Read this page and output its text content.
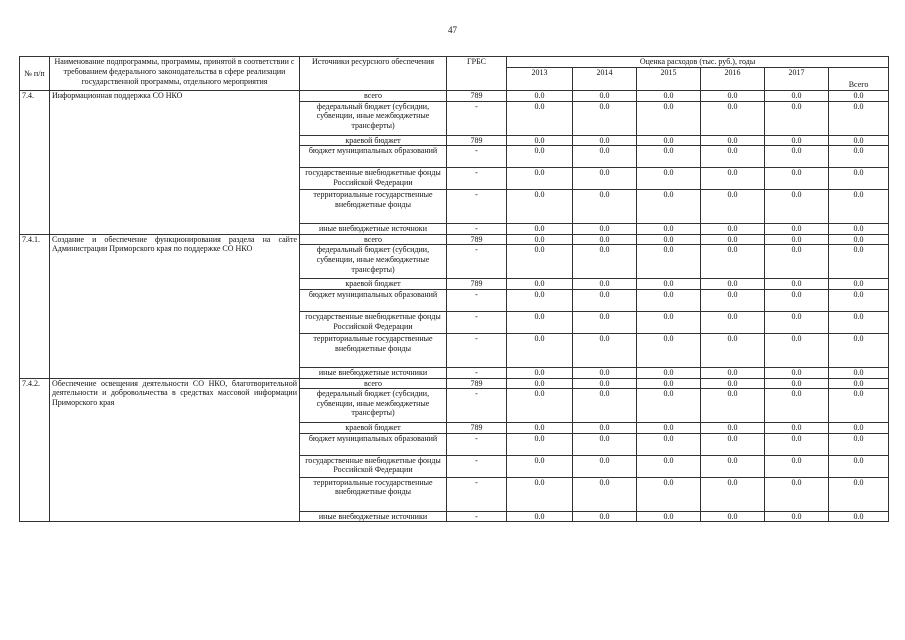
47
№ п/п	Наименование подпрограммы, программы, принятой в соответствии с требованием федерального законодательства в сфере реализации государственной программы, отдельного мероприятия	Источники ресурсного обеспечения	ГРБС	Оценка расходов (тыс. руб.), годы					
				2013	2014	2015	2016	2017	Всего
7.4.	Информационная поддержка СО НКО	всего	789	0.0	0.0	0.0	0.0	0.0	0.0
		федеральный бюджет (субсидии, субвенции, иные межбюджетные трансферты)	-	0.0	0.0	0.0	0.0	0.0	0.0
		краевой бюджет	789	0.0	0.0	0.0	0.0	0.0	0.0
		бюджет муниципальных образований	-	0.0	0.0	0.0	0.0	0.0	0.0
		государственные внебюджетные фонды Российской Федерации	-	0.0	0.0	0.0	0.0	0.0	0.0
		территориальные государственные внебюджетные фонды	-	0.0	0.0	0.0	0.0	0.0	0.0
		иные внебюджетные источноки	-	0.0	0.0	0.0	0.0	0.0	0.0
7.4.1.	Создание и обеспечение функционирования раздела на сайте Администрации Приморского края по поддержке СО НКО	всего	789	0.0	0.0	0.0	0.0	0.0	0.0
		федеральный бюджет (субсидии, субвенции, иные межбюджетные трансферты)	-	0.0	0.0	0.0	0.0	0.0	0.0
		краевой бюджет	789	0.0	0.0	0.0	0.0	0.0	0.0
		бюджет муниципальных образований	-	0.0	0.0	0.0	0.0	0.0	0.0
		государственные внебюджетные фонды Российской Федерации	-	0.0	0.0	0.0	0.0	0.0	0.0
		территориальные государственные внебюджетные фонды	-	0.0	0.0	0.0	0.0	0.0	0.0
		иные внебюджетные источники	-	0.0	0.0	0.0	0.0	0.0	0.0
7.4.2.	Обеспечение освещения деятельности СО НКО, благотворительной деятельности и добровольчества в средствах массовой информации Приморского края	всего	789	0.0	0.0	0.0	0.0	0.0	0.0
		федеральный бюджет (субсидии, субвенции, иные межбюджетные трансферты)	-	0.0	0.0	0.0	0.0	0.0	0.0
		краевой бюджет	789	0.0	0.0	0.0	0.0	0.0	0.0
		бюджет муниципальных образований	-	0.0	0.0	0.0	0.0	0.0	0.0
		государственные внебюджетные фонды Российской Федерации	-	0.0	0.0	0.0	0.0	0.0	0.0
		территориальные государственные внебюджетные фонды	-	0.0	0.0	0.0	0.0	0.0	0.0
		иные внебюджетные источники	-	0.0	0.0	0.0	0.0	0.0	0.0
